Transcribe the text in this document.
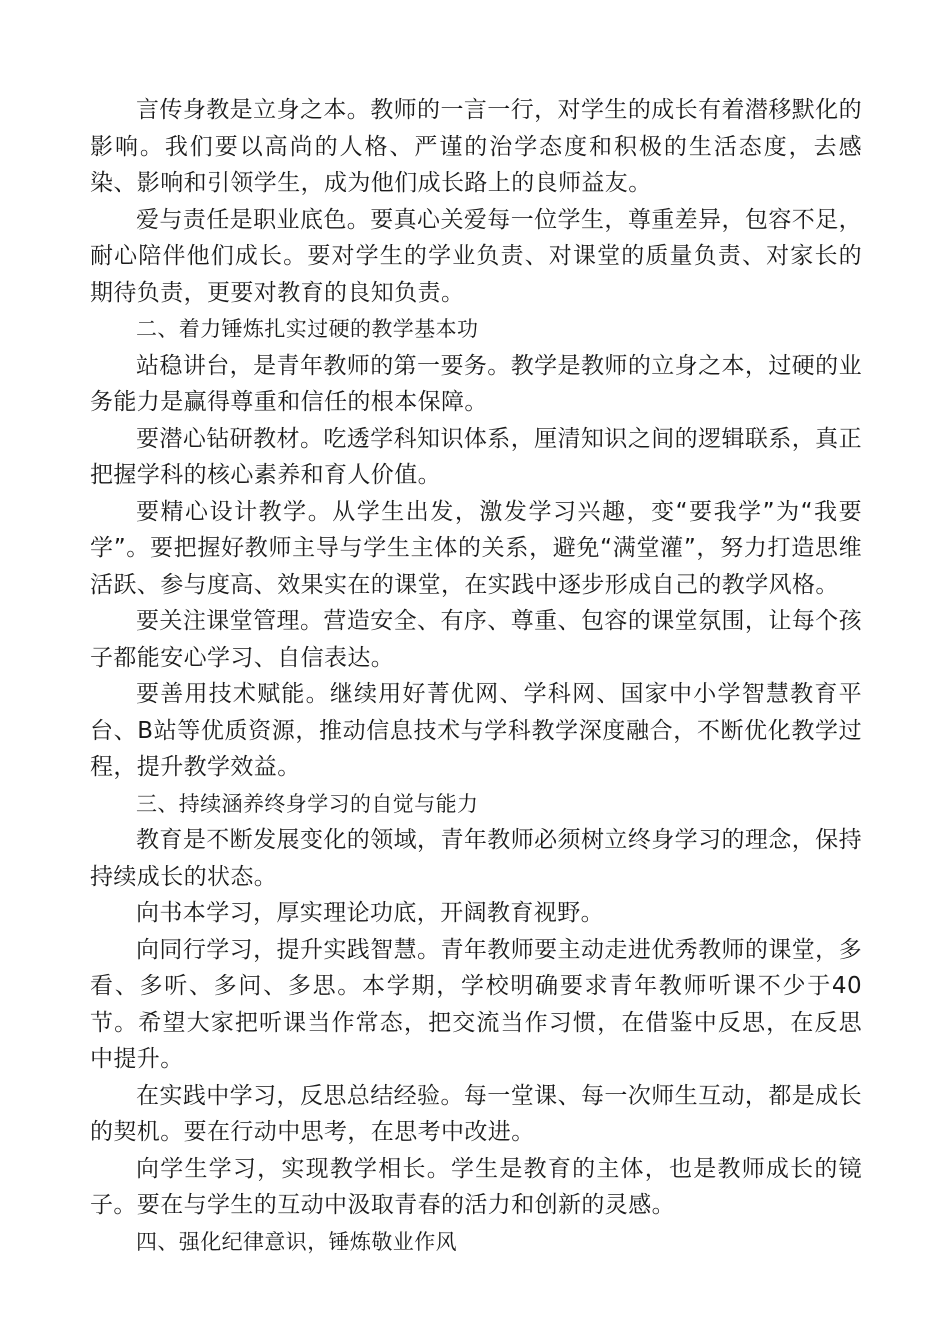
言传身教是立身之本。教师的一言一行，对学生的成长有着潜移默化的影响。我们要以高尚的人格、严谨的治学态度和积极的生活态度，去感染、影响和引领学生，成为他们成长路上的良师益友。

爱与责任是职业底色。要真心关爱每一位学生，尊重差异，包容不足，耐心陪伴他们成长。要对学生的学业负责、对课堂的质量负责、对家长的期待负责，更要对教育的良知负责。

二、着力锤炼扎实过硬的教学基本功

站稳讲台，是青年教师的第一要务。教学是教师的立身之本，过硬的业务能力是赢得尊重和信任的根本保障。

要潜心钻研教材。吃透学科知识体系，厘清知识之间的逻辑联系，真正把握学科的核心素养和育人价值。

要精心设计教学。从学生出发，激发学习兴趣，变“要我学”为“我要学”。要把握好教师主导与学生主体的关系，避免“满堂灌”，努力打造思维活跃、参与度高、效果实在的课堂，在实践中逐步形成自己的教学风格。

要关注课堂管理。营造安全、有序、尊重、包容的课堂氛围，让每个孩子都能安心学习、自信表达。

要善用技术赋能。继续用好菁优网、学科网、国家中小学智慧教育平台、B站等优质资源，推动信息技术与学科教学深度融合，不断优化教学过程，提升教学效益。

三、持续涵养终身学习的自觉与能力

教育是不断发展变化的领域，青年教师必须树立终身学习的理念，保持持续成长的状态。

向书本学习，厚实理论功底，开阔教育视野。

向同行学习，提升实践智慧。青年教师要主动走进优秀教师的课堂，多看、多听、多问、多思。本学期，学校明确要求青年教师听课不少于40节。希望大家把听课当作常态，把交流当作习惯，在借鉴中反思，在反思中提升。

在实践中学习，反思总结经验。每一堂课、每一次师生互动，都是成长的契机。要在行动中思考，在思考中改进。

向学生学习，实现教学相长。学生是教育的主体，也是教师成长的镜子。要在与学生的互动中汲取青春的活力和创新的灵感。

四、强化纪律意识，锤炼敬业作风
